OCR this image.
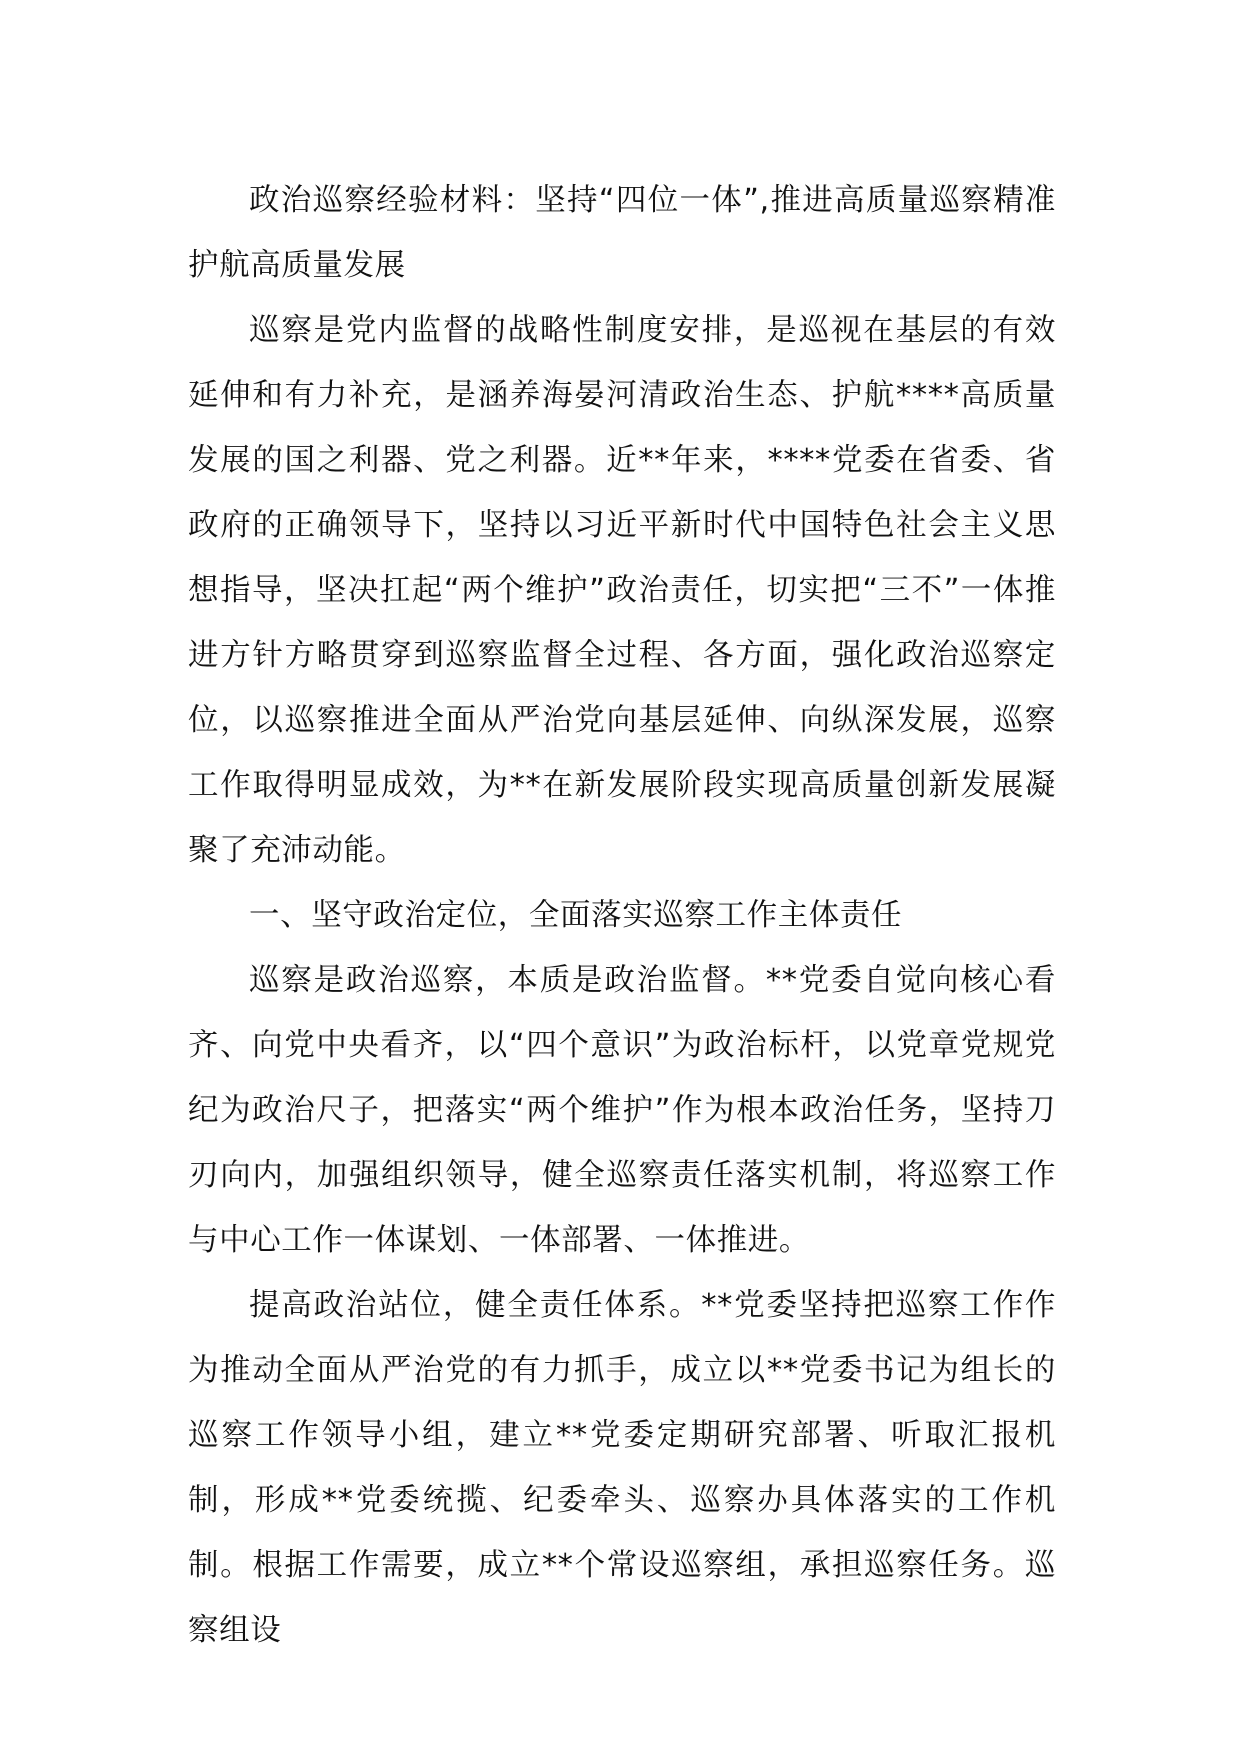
政治巡察经验材料：坚持“四位一体”,推进高质量巡察精准护航高质量发展

巡察是党内监督的战略性制度安排，是巡视在基层的有效延伸和有力补充，是涵养海晏河清政治生态、护航****高质量发展的国之利器、党之利器。近**年来，****党委在省委、省政府的正确领导下，坚持以习近平新时代中国特色社会主义思想指导，坚决扛起“两个维护”政治责任，切实把“三不”一体推进方针方略贯穿到巡察监督全过程、各方面，强化政治巡察定位，以巡察推进全面从严治党向基层延伸、向纵深发展，巡察工作取得明显成效，为**在新发展阶段实现高质量创新发展凝聚了充沛动能。

一、坚守政治定位，全面落实巡察工作主体责任

巡察是政治巡察，本质是政治监督。**党委自觉向核心看齐、向党中央看齐，以“四个意识”为政治标杆，以党章党规党纪为政治尺子，把落实“两个维护”作为根本政治任务，坚持刀刃向内，加强组织领导，健全巡察责任落实机制，将巡察工作与中心工作一体谋划、一体部署、一体推进。

提高政治站位，健全责任体系。**党委坚持把巡察工作作为推动全面从严治党的有力抓手，成立以**党委书记为组长的巡察工作领导小组，建立**党委定期研究部署、听取汇报机制，形成**党委统揽、纪委牵头、巡察办具体落实的工作机制。根据工作需要，成立**个常设巡察组，承担巡察任务。巡察组设
